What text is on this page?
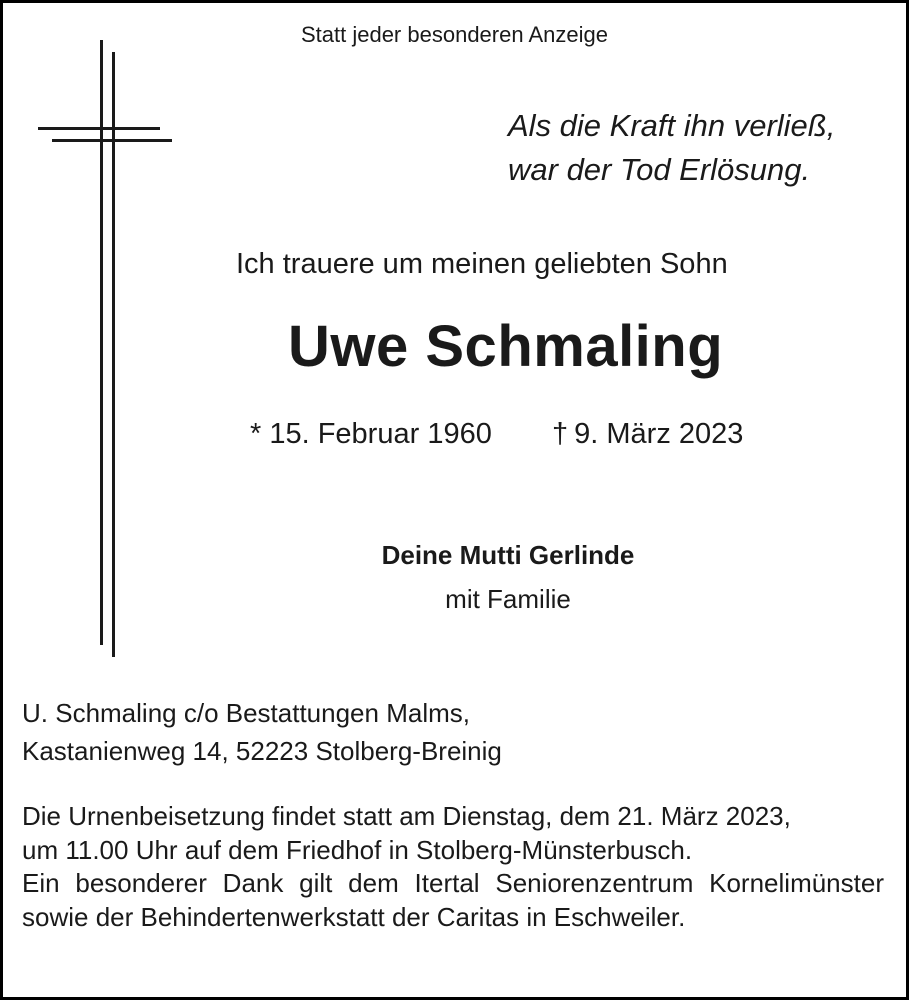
Statt jeder besonderen Anzeige
Als die Kraft ihn verließ,
war der Tod Erlösung.
Ich trauere um meinen geliebten Sohn
Uwe Schmaling
* 15. Februar 1960 † 9. März 2023
Deine Mutti Gerlinde
mit Familie
U. Schmaling c/o Bestattungen Malms,
Kastanienweg 14, 52223 Stolberg-Breinig

Die Urnenbeisetzung findet statt am Dienstag, dem 21. März 2023,

um 11.00 Uhr auf dem Friedhof in Stolberg-Münsterbusch.

Ein besonderer Dank gilt dem Itertal Seniorenzentrum Kornelimünster sowie der Behindertenwerkstatt der Caritas in Eschweiler.
